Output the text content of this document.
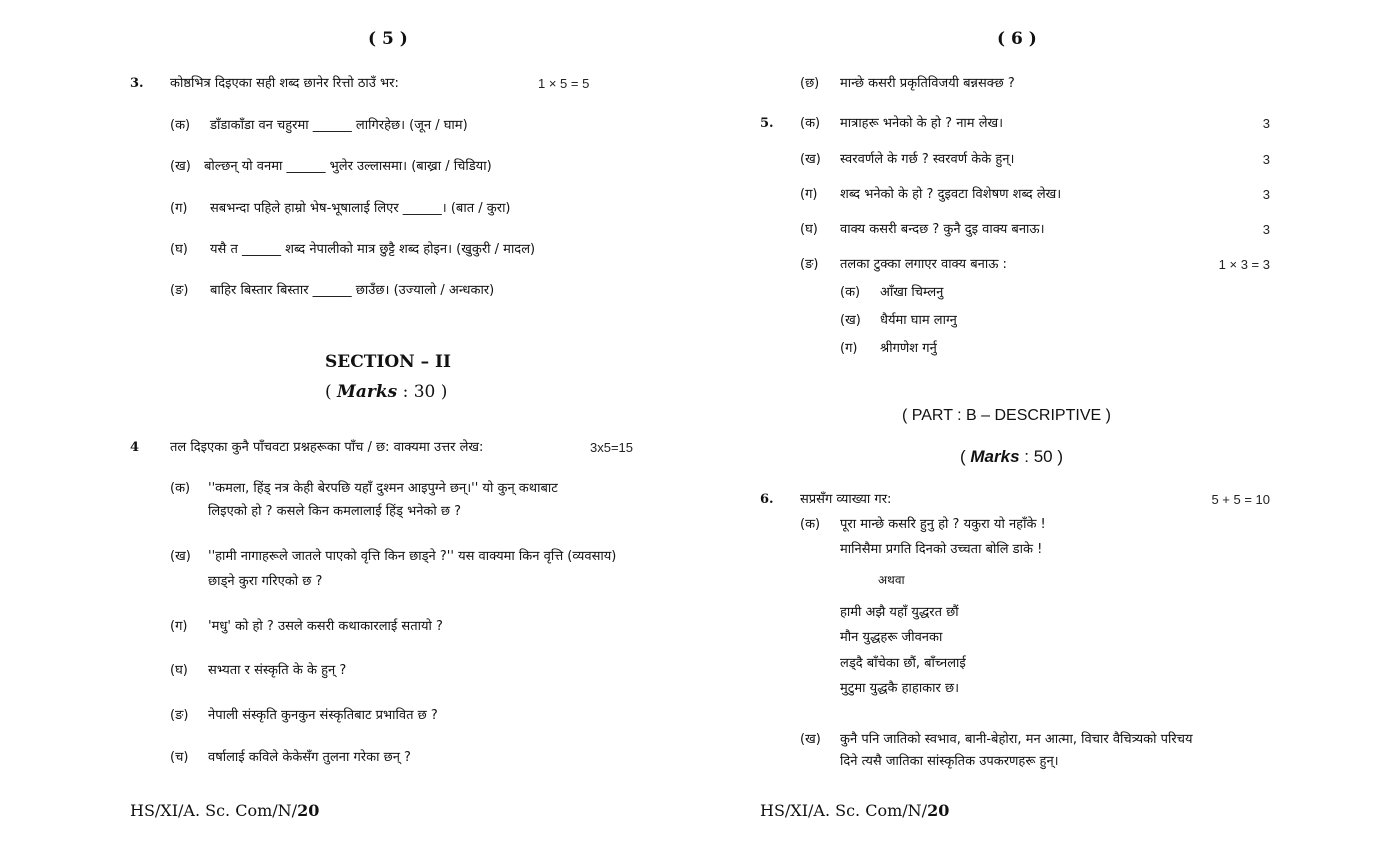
( 5 )
3. कोष्ठभित्र दिइएका सही शब्द छानेर रित्तो ठाउँ भर:	1 × 5 = 5
(क) डाँडाकाँडा वन चहुरमा ______ लागिरहेछ। (जून / घाम)
(ख) बोल्छन् यो वनमा ______ भुलेर उल्लासमा। (बाख्रा / चिडिया)
(ग) सबभन्दा पहिले हाम्रो भेष-भूषालाई लिएर ______। (बात / कुरा)
(घ) यसै त ______ शब्द नेपालीको मात्र छुट्टै शब्द होइन। (खुकुरी / मादल)
(ङ) बाहिर बिस्तार बिस्तार ______ छाउँछ। (उज्यालो / अन्धकार)
SECTION – II
( Marks : 30 )
4 तल दिइएका कुनै पाँचवटा प्रश्नहरूका पाँच / छ: वाक्यमा उत्तर लेख:	3x5=15
(क) ''कमला, हिंड् नत्र केही बेरपछि यहाँ दुश्मन आइपुग्ने छन्।'' यो कुन् कथाबाट
लिइएको हो ? कसले किन कमलालाई हिंड् भनेको छ ?
(ख) ''हामी नागाहरूले जातले पाएको वृत्ति किन छाड्ने ?'' यस वाक्यमा किन वृत्ति (व्यवसाय)
छाड्ने कुरा गरिएको छ ?
(ग) 'मधु' को हो ? उसले कसरी कथाकारलाई सतायो ?
(घ) सभ्यता र संस्कृति के के हुन् ?
(ङ) नेपाली संस्कृति कुनकुन संस्कृतिबाट प्रभावित छ ?
(च) वर्षालाई कविले केकेसँग तुलना गरेका छन् ?
HS/XI/A. Sc. Com/N/20
( 6 )
(छ) मान्छे कसरी प्रकृतिविजयी बन्नसक्छ ?
5. (क) मात्राहरू भनेको के हो ? नाम लेख।	3
(ख) स्वरवर्णले के गर्छ ? स्वरवर्ण केके हुन्।	3
(ग) शब्द भनेको के हो ? दुइवटा विशेषण शब्द लेख।	3
(घ) वाक्य कसरी बन्दछ ? कुनै दुइ वाक्य बनाऊ।	3
(ङ) तलका टुक्का लगाएर वाक्य बनाऊ :	1 × 3 = 3
(क) आँखा चिम्लनु
(ख) धैर्यमा घाम लाग्नु
(ग) श्रीगणेश गर्नु
( PART : B – DESCRIPTIVE )
( Marks : 50 )
6. सप्रसँग व्याख्या गर:	5 + 5 = 10
(क) पूरा मान्छे कसरि हुनु हो ? यकुरा यो नहाँके !
मानिसैमा प्रगति दिनको उच्चता बोलि डाके !
अथवा
हामी अझै यहाँ युद्धरत छौं
मौन युद्धहरू जीवनका
लड्दै बाँचेका छौं, बाँच्नलाई
मुटुमा युद्धकै हाहाकार छ।
(ख) कुनै पनि जातिको स्वभाव, बानी-बेहोरा, मन आत्मा, विचार वैचित्र्यको परिचय
दिने त्यसै जातिका सांस्कृतिक उपकरणहरू हुन्।
HS/XI/A. Sc. Com/N/20
